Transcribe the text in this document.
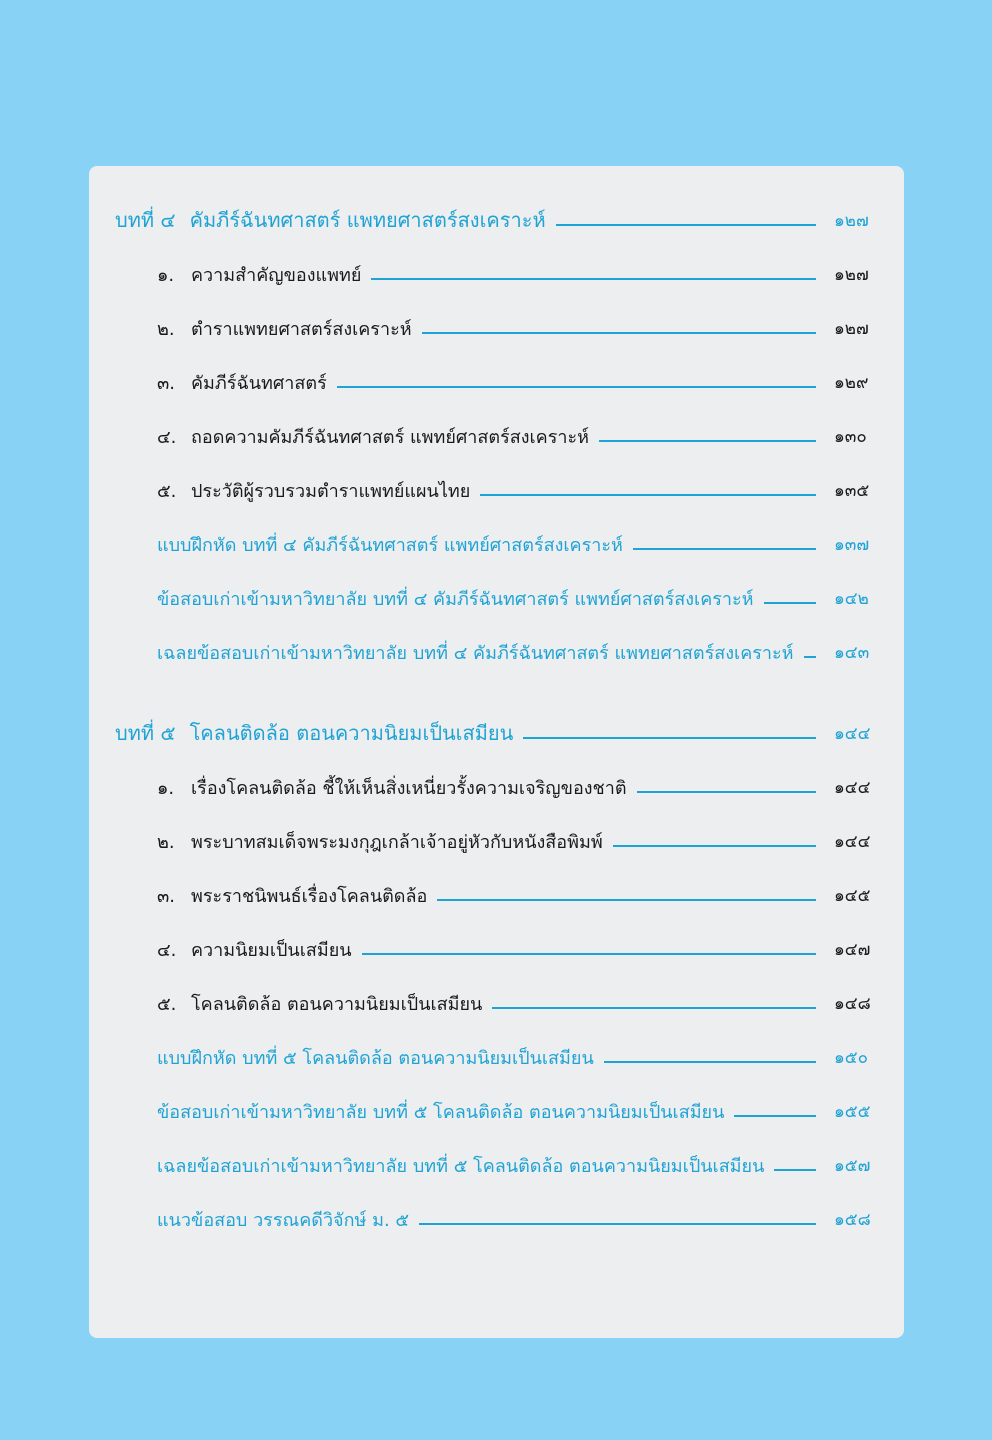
บทที่ ๔ คัมภีร์ฉันทศาสตร์ แพทยศาสตร์สงเคราะห์	๑๒๗
๑. ความสำคัญของแพทย์	๑๒๗
๒. ตำราแพทยศาสตร์สงเคราะห์	๑๒๗
๓. คัมภีร์ฉันทศาสตร์	๑๒๙
๔. ถอดความคัมภีร์ฉันทศาสตร์ แพทย์ศาสตร์สงเคราะห์	๑๓๐
๕. ประวัติผู้รวบรวมตำราแพทย์แผนไทย	๑๓๕
แบบฝึกหัด บทที่ ๔ คัมภีร์ฉันทศาสตร์ แพทย์ศาสตร์สงเคราะห์	๑๓๗
ข้อสอบเก่าเข้ามหาวิทยาลัย บทที่ ๔ คัมภีร์ฉันทศาสตร์ แพทย์ศาสตร์สงเคราะห์	๑๔๒
เฉลยข้อสอบเก่าเข้ามหาวิทยาลัย บทที่ ๔ คัมภีร์ฉันทศาสตร์ แพทยศาสตร์สงเคราะห์ ๑๔๓
บทที่ ๕ โคลนติดล้อ ตอนความนิยมเป็นเสมียน	๑๔๔
๑. เรื่องโคลนติดล้อ ชี้ให้เห็นสิ่งเหนี่ยวรั้งความเจริญของชาติ	๑๔๔
๒. พระบาทสมเด็จพระมงกุฎเกล้าเจ้าอยู่หัวกับหนังสือพิมพ์	๑๔๔
๓. พระราชนิพนธ์เรื่องโคลนติดล้อ	๑๔๕
๔. ความนิยมเป็นเสมียน	๑๔๗
๕. โคลนติดล้อ ตอนความนิยมเป็นเสมียน	๑๔๘
แบบฝึกหัด บทที่ ๕ โคลนติดล้อ ตอนความนิยมเป็นเสมียน	๑๕๐
ข้อสอบเก่าเข้ามหาวิทยาลัย บทที่ ๕ โคลนติดล้อ ตอนความนิยมเป็นเสมียน	๑๕๕
เฉลยข้อสอบเก่าเข้ามหาวิทยาลัย บทที่ ๕ โคลนติดล้อ ตอนความนิยมเป็นเสมียน	๑๕๗
แนวข้อสอบ วรรณคดีวิจักษ์ ม. ๕	๑๕๘
